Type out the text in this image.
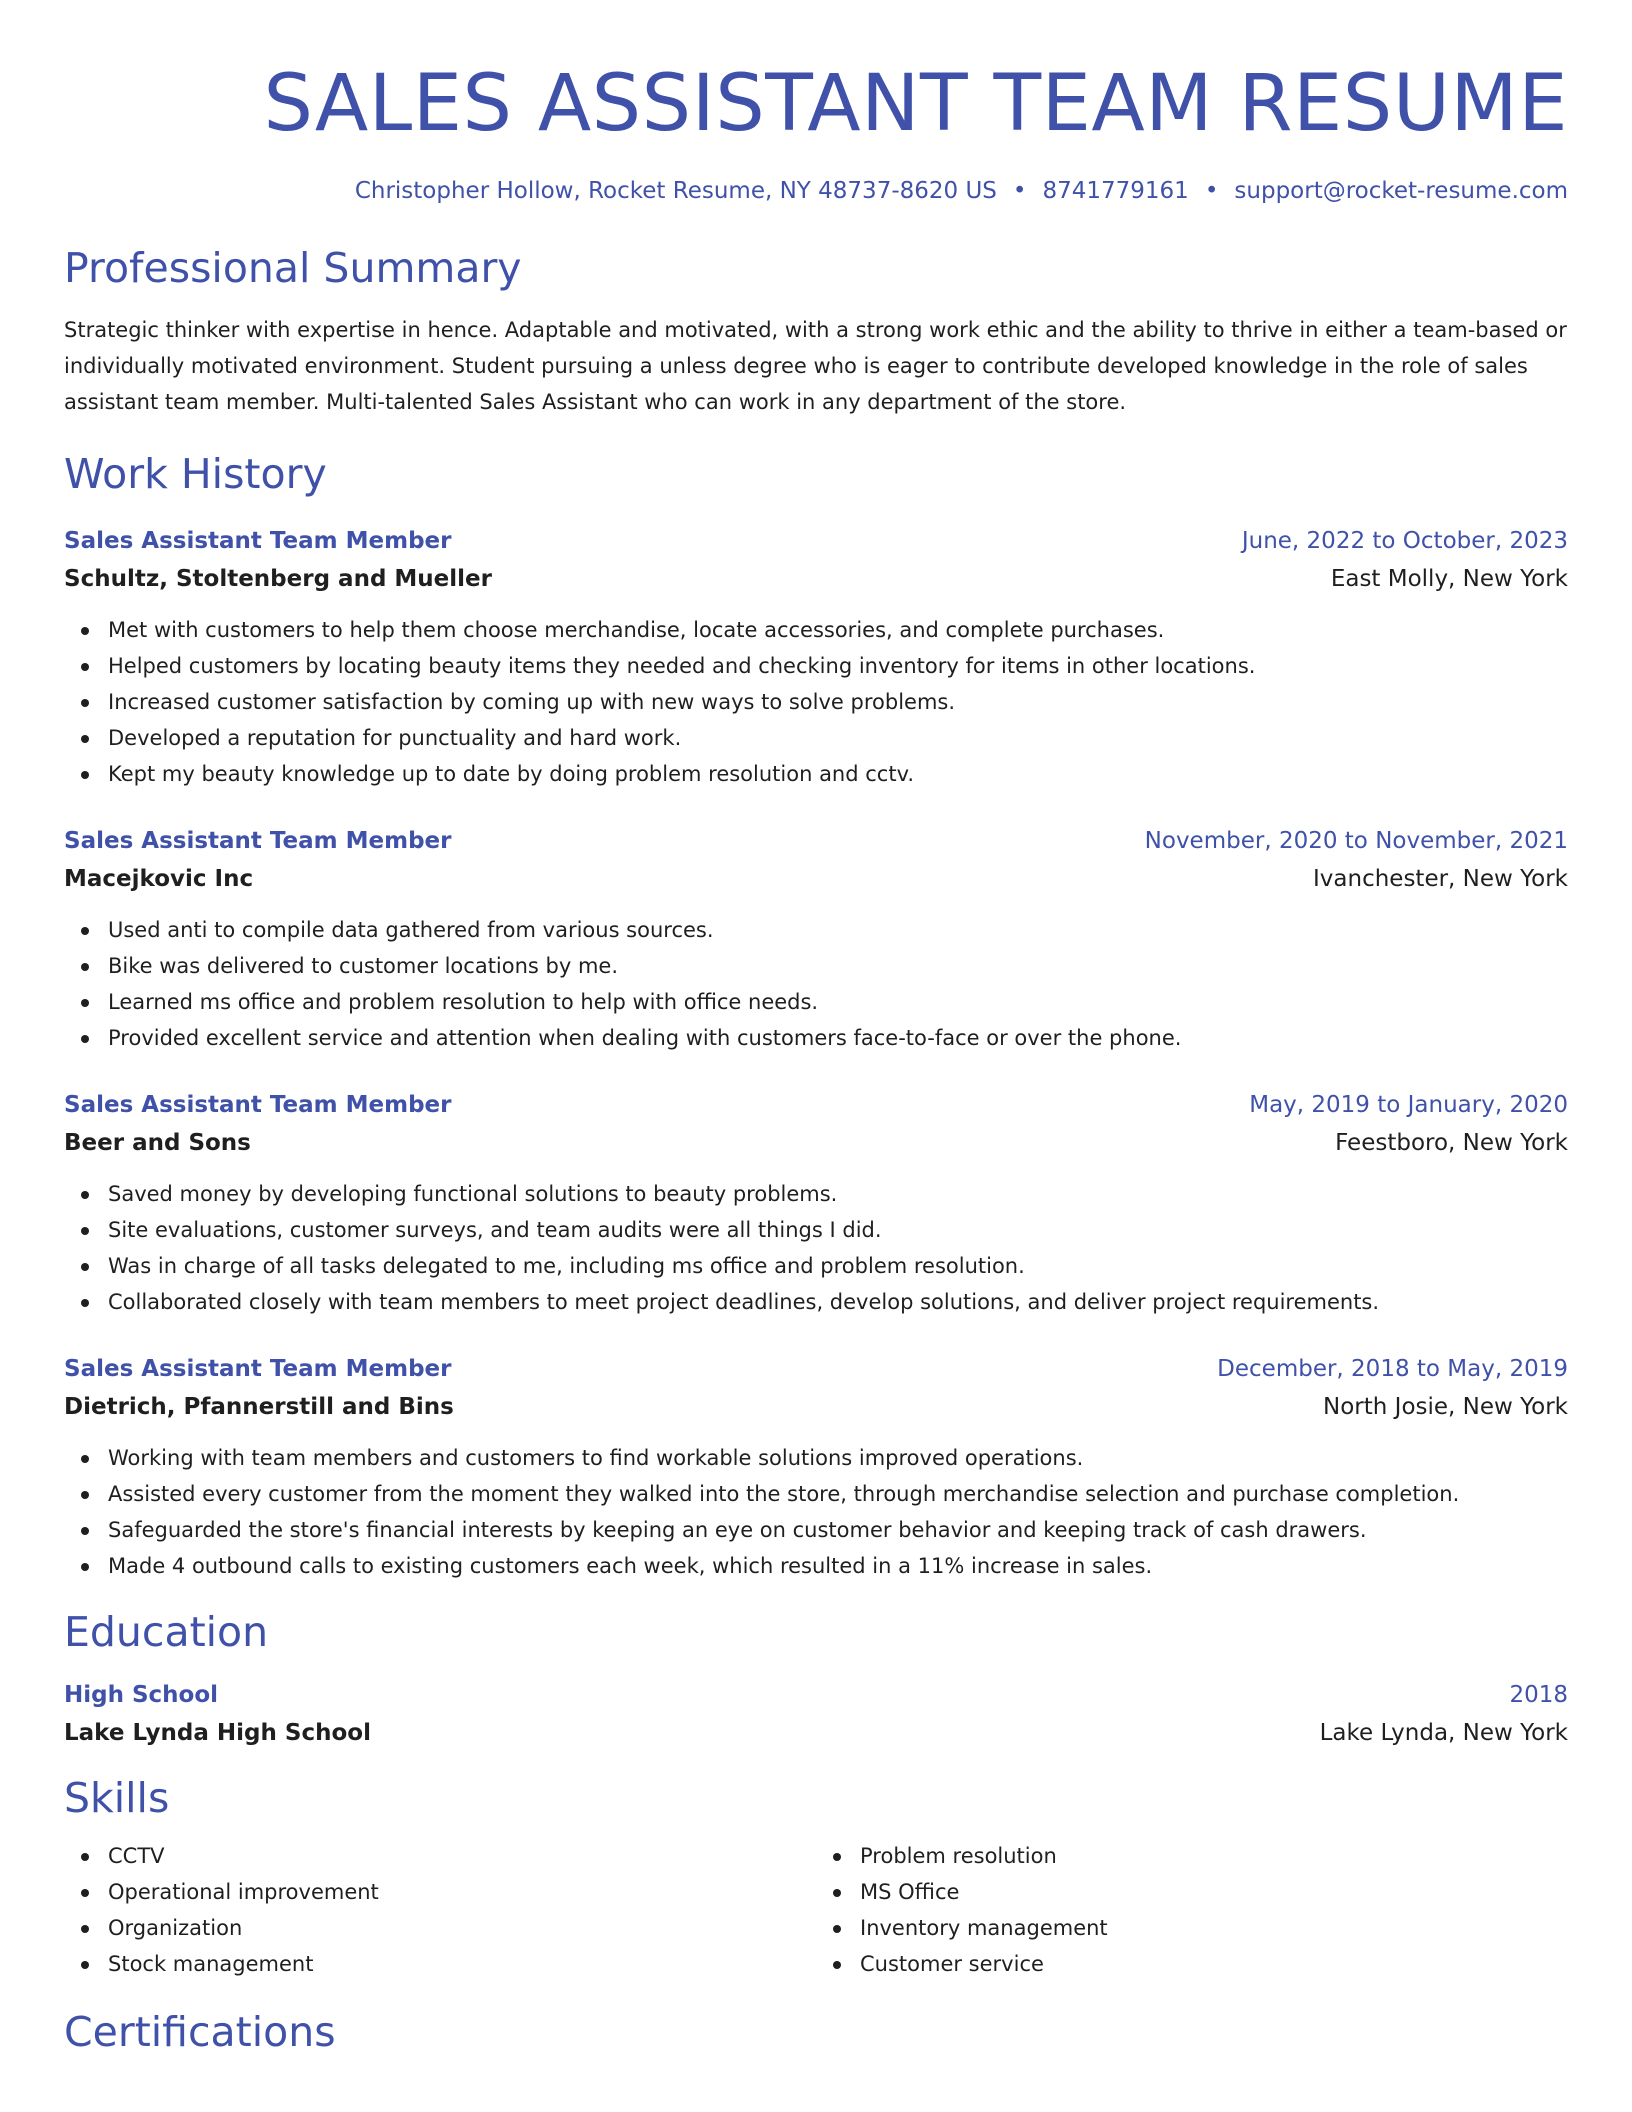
SALES ASSISTANT TEAM RESUME
Christopher Hollow, Rocket Resume, NY 48737-8620 US • 8741779161 • support@rocket-resume.com
Professional Summary

Strategic thinker with expertise in hence. Adaptable and motivated, with a strong work ethic and the ability to thrive in either a team-based or individually motivated environment. Student pursuing a unless degree who is eager to contribute developed knowledge in the role of sales assistant team member. Multi-talented Sales Assistant who can work in any department of the store.

Work History
Sales Assistant Team Member	June, 2022 to October, 2023
Schultz, Stoltenberg and Mueller	East Molly, New York
Met with customers to help them choose merchandise, locate accessories, and complete purchases.
Helped customers by locating beauty items they needed and checking inventory for items in other locations.
Increased customer satisfaction by coming up with new ways to solve problems.
Developed a reputation for punctuality and hard work.
Kept my beauty knowledge up to date by doing problem resolution and cctv.
Sales Assistant Team Member	November, 2020 to November, 2021
Macejkovic Inc	Ivanchester, New York
Used anti to compile data gathered from various sources.
Bike was delivered to customer locations by me.
Learned ms office and problem resolution to help with office needs.
Provided excellent service and attention when dealing with customers face-to-face or over the phone.
Sales Assistant Team Member	May, 2019 to January, 2020
Beer and Sons	Feestboro, New York
Saved money by developing functional solutions to beauty problems.
Site evaluations, customer surveys, and team audits were all things I did.
Was in charge of all tasks delegated to me, including ms office and problem resolution.
Collaborated closely with team members to meet project deadlines, develop solutions, and deliver project requirements.
Sales Assistant Team Member	December, 2018 to May, 2019
Dietrich, Pfannerstill and Bins	North Josie, New York
Working with team members and customers to find workable solutions improved operations.
Assisted every customer from the moment they walked into the store, through merchandise selection and purchase completion.
Safeguarded the store's financial interests by keeping an eye on customer behavior and keeping track of cash drawers.
Made 4 outbound calls to existing customers each week, which resulted in a 11% increase in sales.
Education
High School	2018
Lake Lynda High School	Lake Lynda, New York
Skills
CCTV
Operational improvement
Organization
Stock management
Problem resolution
MS Office
Inventory management
Customer service
Certifications
